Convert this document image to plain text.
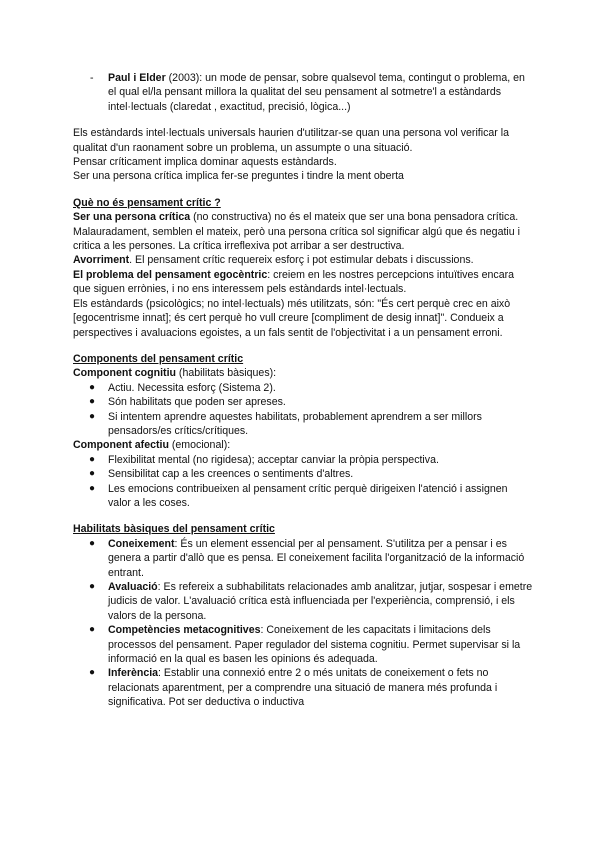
- Paul i Elder (2003): un mode de pensar, sobre qualsevol tema, contingut o problema, en el qual el/la pensant millora la qualitat del seu pensament al sotmetre'l a estàndards intel·lectuals (claredat , exactitud, precisió, lògica...)

Els estàndards intel·lectuals universals haurien d'utilitzar-se quan una persona vol verificar la qualitat d'un raonament sobre un problema, un assumpte o una situació.

Pensar críticament implica dominar aquests estàndards.

Ser una persona crítica implica fer-se preguntes i tindre la ment oberta

Què no és pensament crític ?

Ser una persona crítica (no constructiva) no és el mateix que ser una bona pensadora crítica. Malauradament, semblen el mateix, però una persona crítica sol significar algú que és negatiu i critica a les persones. La crítica irreflexiva pot arribar a ser destructiva.

Avorriment. El pensament crític requereix esforç i pot estimular debats i discussions.

El problema del pensament egocèntric: creiem en les nostres percepcions intuïtives encara que siguen errònies, i no ens interessem pels estàndards intel·lectuals.

Els estàndards (psicològics; no intel·lectuals) més utilitzats, són: "És cert perquè crec en això [egocentrisme innat]; és cert perquè ho vull creure [compliment de desig innat]". Condueix a perspectives i avaluacions egoistes, a un fals sentit de l'objectivitat i a un pensament erroni.

Components del pensament crític

Component cognitiu (habilitats bàsiques):

● Actiu. Necessita esforç (Sistema 2).
● Són habilitats que poden ser apreses.
● Si intentem aprendre aquestes habilitats, probablement aprendrem a ser millors pensadors/es crítics/crítiques.

Component afectiu (emocional):

● Flexibilitat mental (no rigidesa); acceptar canviar la pròpia perspectiva.
● Sensibilitat cap a les creences o sentiments d'altres.
● Les emocions contribueixen al pensament crític perquè dirigeixen l'atenció i assignen valor a les coses.

Habilitats bàsiques del pensament crític

● Coneixement: És un element essencial per al pensament. S'utilitza per a pensar i es genera a partir d'allò que es pensa. El coneixement facilita l'organització de la informació entrant.
● Avaluació: Es refereix a subhabilitats relacionades amb analitzar, jutjar, sospesar i emetre judicis de valor. L'avaluació crítica està influenciada per l'experiència, comprensió, i els valors de la persona.
● Competències metacognitives: Coneixement de les capacitats i limitacions dels processos del pensament. Paper regulador del sistema cognitiu. Permet supervisar si la informació en la qual es basen les opinions és adequada.
● Inferència: Establir una connexió entre 2 o més unitats de coneixement o fets no relacionats aparentment, per a comprendre una situació de manera més profunda i significativa. Pot ser deductiva o inductiva
